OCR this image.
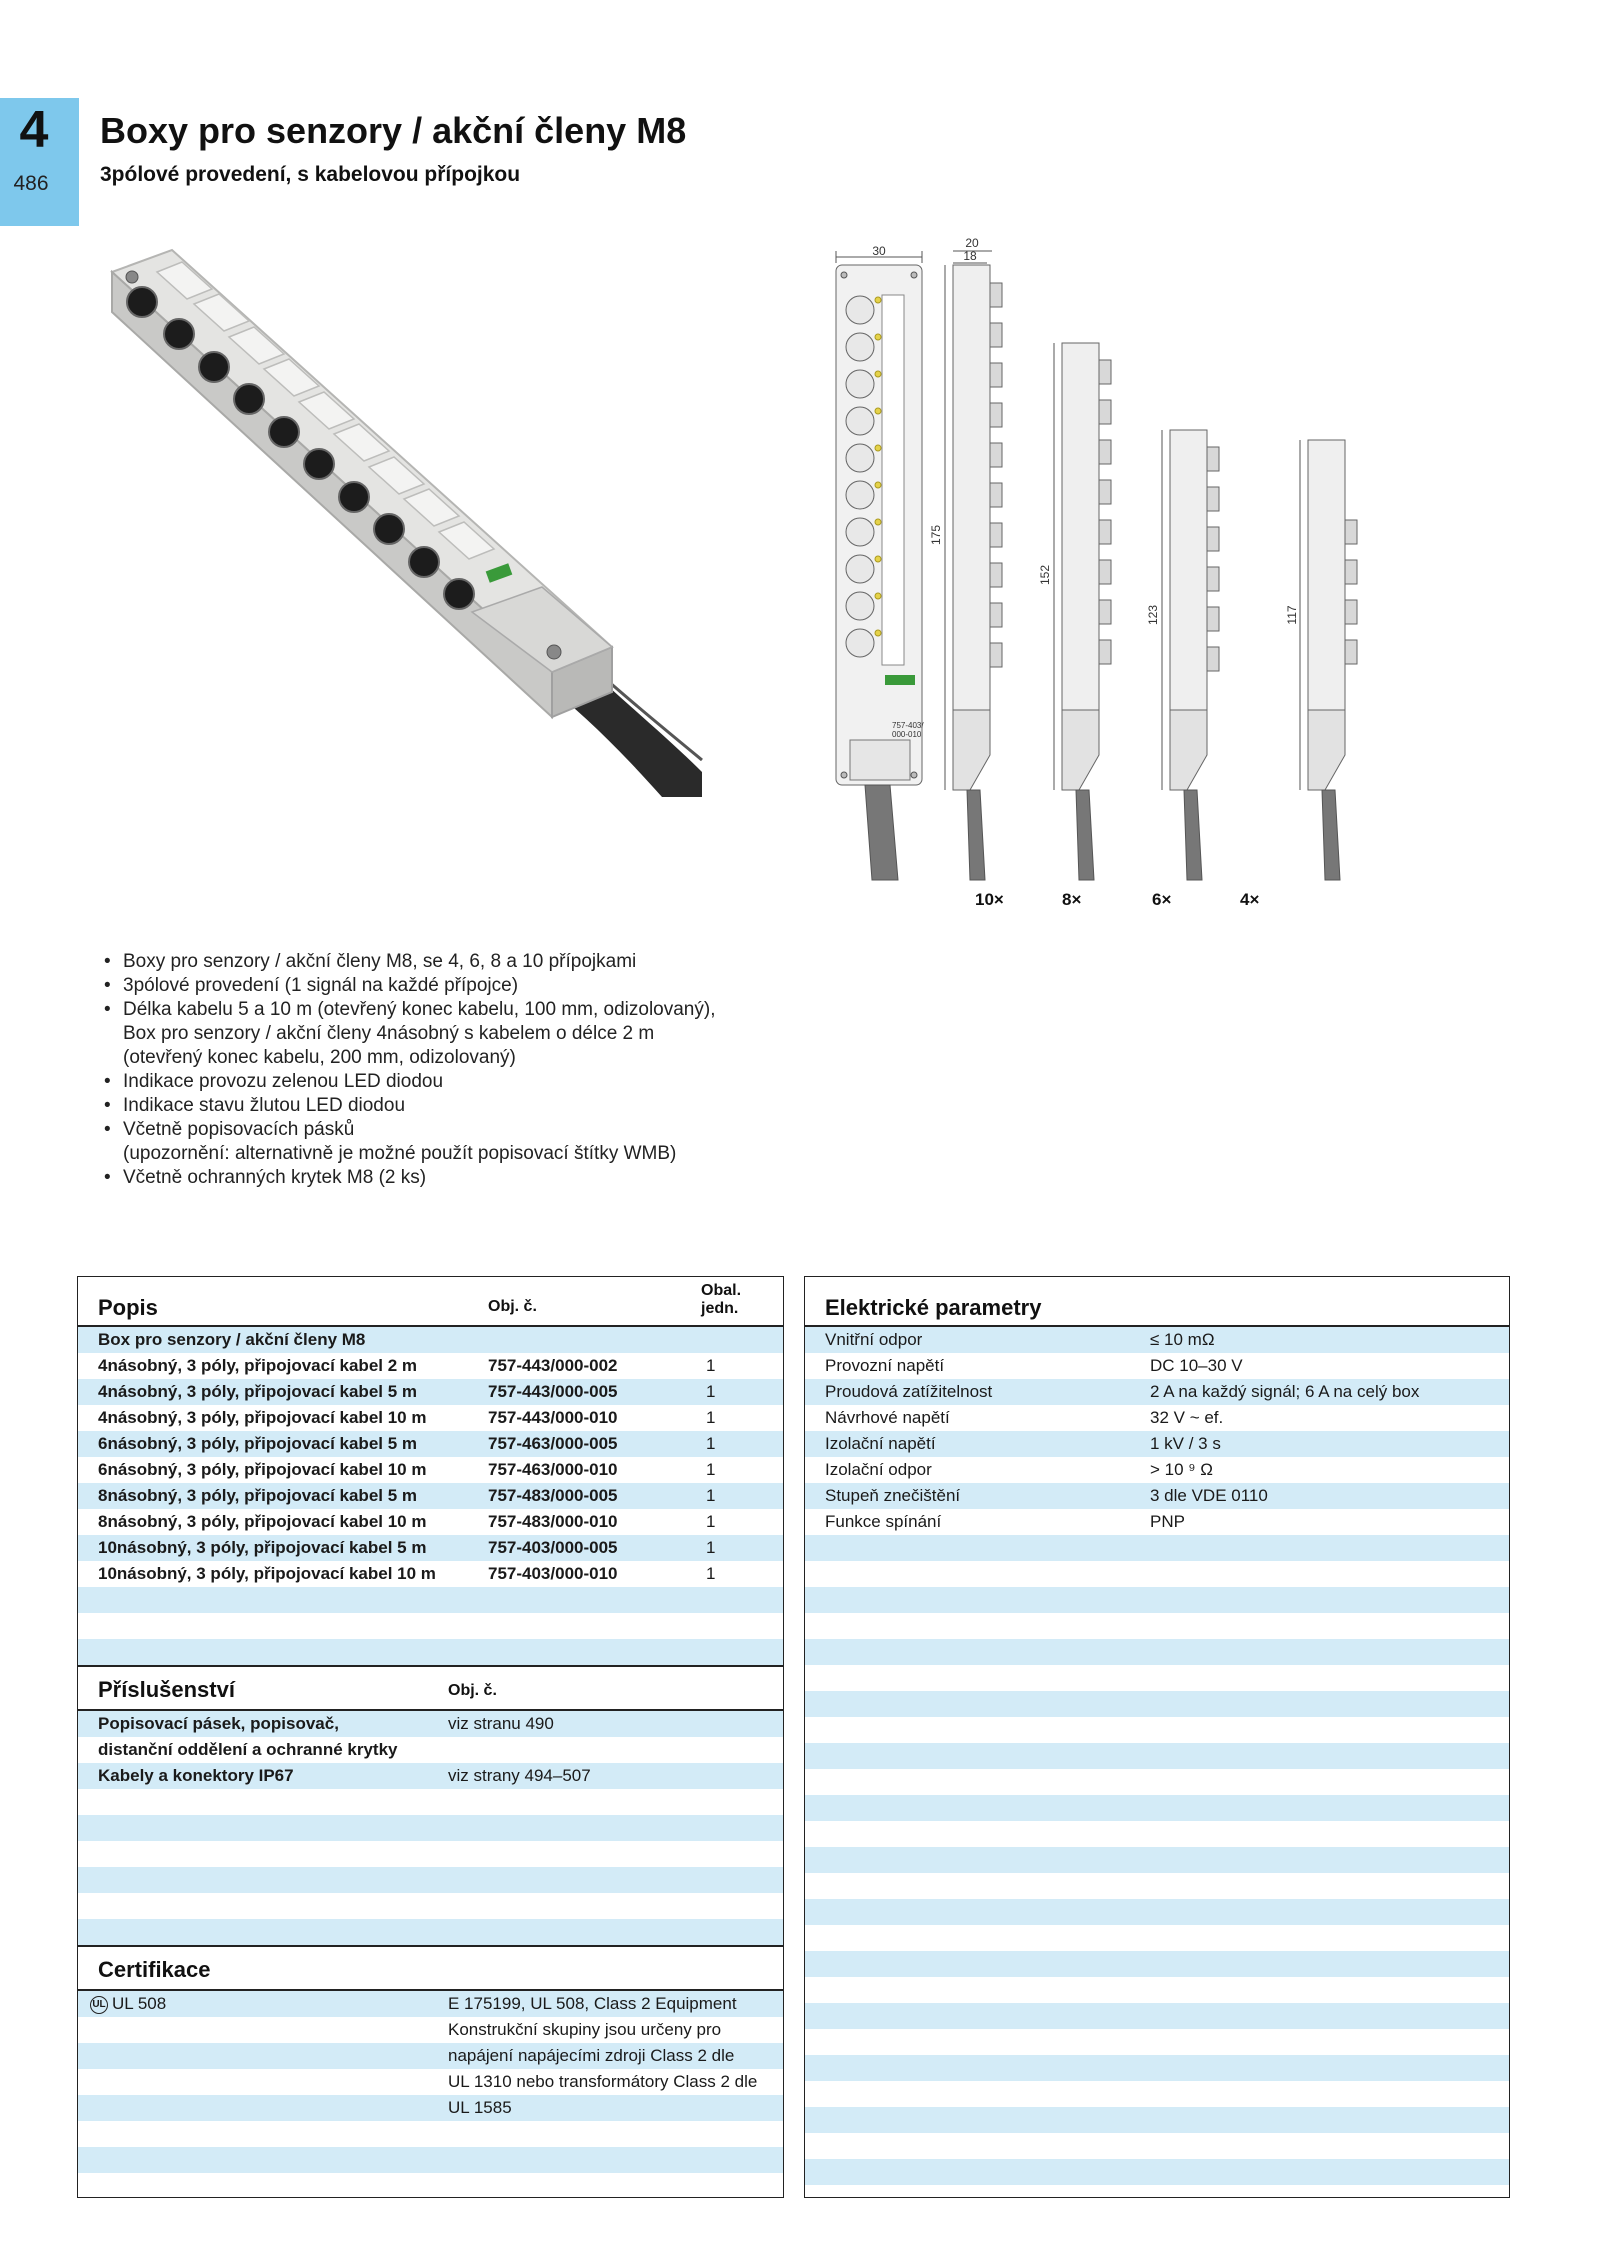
4
486
Boxy pro senzory / akční členy M8
3pólové provedení, s kabelovou přípojkou
30
20
18
175
152
123
757-403/
000-010
117
10×	8×	6×	4×
• Boxy pro senzory / akční členy M8, se 4, 6, 8 a 10 přípojkami
• 3pólové provedení (1 signál na každé přípojce)
• Délka kabelu 5 a 10 m (otevřený konec kabelu, 100 mm, odizolovaný),
Box pro senzory / akční členy 4násobný s kabelem o délce 2 m
(otevřený konec kabelu, 200 mm, odizolovaný)
• Indikace provozu zelenou LED diodou
• Indikace stavu žlutou LED diodou
• Včetně popisovacích pásků
(upozornění: alternativně je možné použít popisovací štítky WMB)
• Včetně ochranných krytek M8 (2 ks)
Popis	Obj. č.
Obal.
jedn.
Box pro senzory / akční členy M8
4násobný, 3 póly, připojovací kabel 2 m	757-443/000-002	1
4násobný, 3 póly, připojovací kabel 5 m	757-443/000-005	1
4násobný, 3 póly, připojovací kabel 10 m	757-443/000-010	1
6násobný, 3 póly, připojovací kabel 5 m	757-463/000-005	1
6násobný, 3 póly, připojovací kabel 10 m	757-463/000-010	1
8násobný, 3 póly, připojovací kabel 5 m	757-483/000-005	1
8násobný, 3 póly, připojovací kabel 10 m	757-483/000-010	1
10násobný, 3 póly, připojovací kabel 5 m	757-403/000-005	1
10násobný, 3 póly, připojovací kabel 10 m	757-403/000-010	1
Příslušenství	Obj. č.
Popisovací pásek, popisovač,	viz stranu 490
distanční oddělení a ochranné krytky
Kabely a konektory IP67	viz strany 494–507
Certifikace
UL UL 508	E 175199, UL 508, Class 2 Equipment
Konstrukční skupiny jsou určeny pro
napájení napájecími zdroji Class 2 dle
UL 1310 nebo transformátory Class 2 dle
UL 1585
Elektrické parametry
Vnitřní odpor	≤ 10 mΩ
Provozní napětí	DC 10–30 V
Proudová zatížitelnost	2 A na každý signál; 6 A na celý box
Návrhové napětí	32 V ~ ef.
Izolační napětí	1 kV / 3 s
Izolační odpor	> 10 ⁹ Ω
Stupeň znečištění	3 dle VDE 0110
Funkce spínání	PNP
